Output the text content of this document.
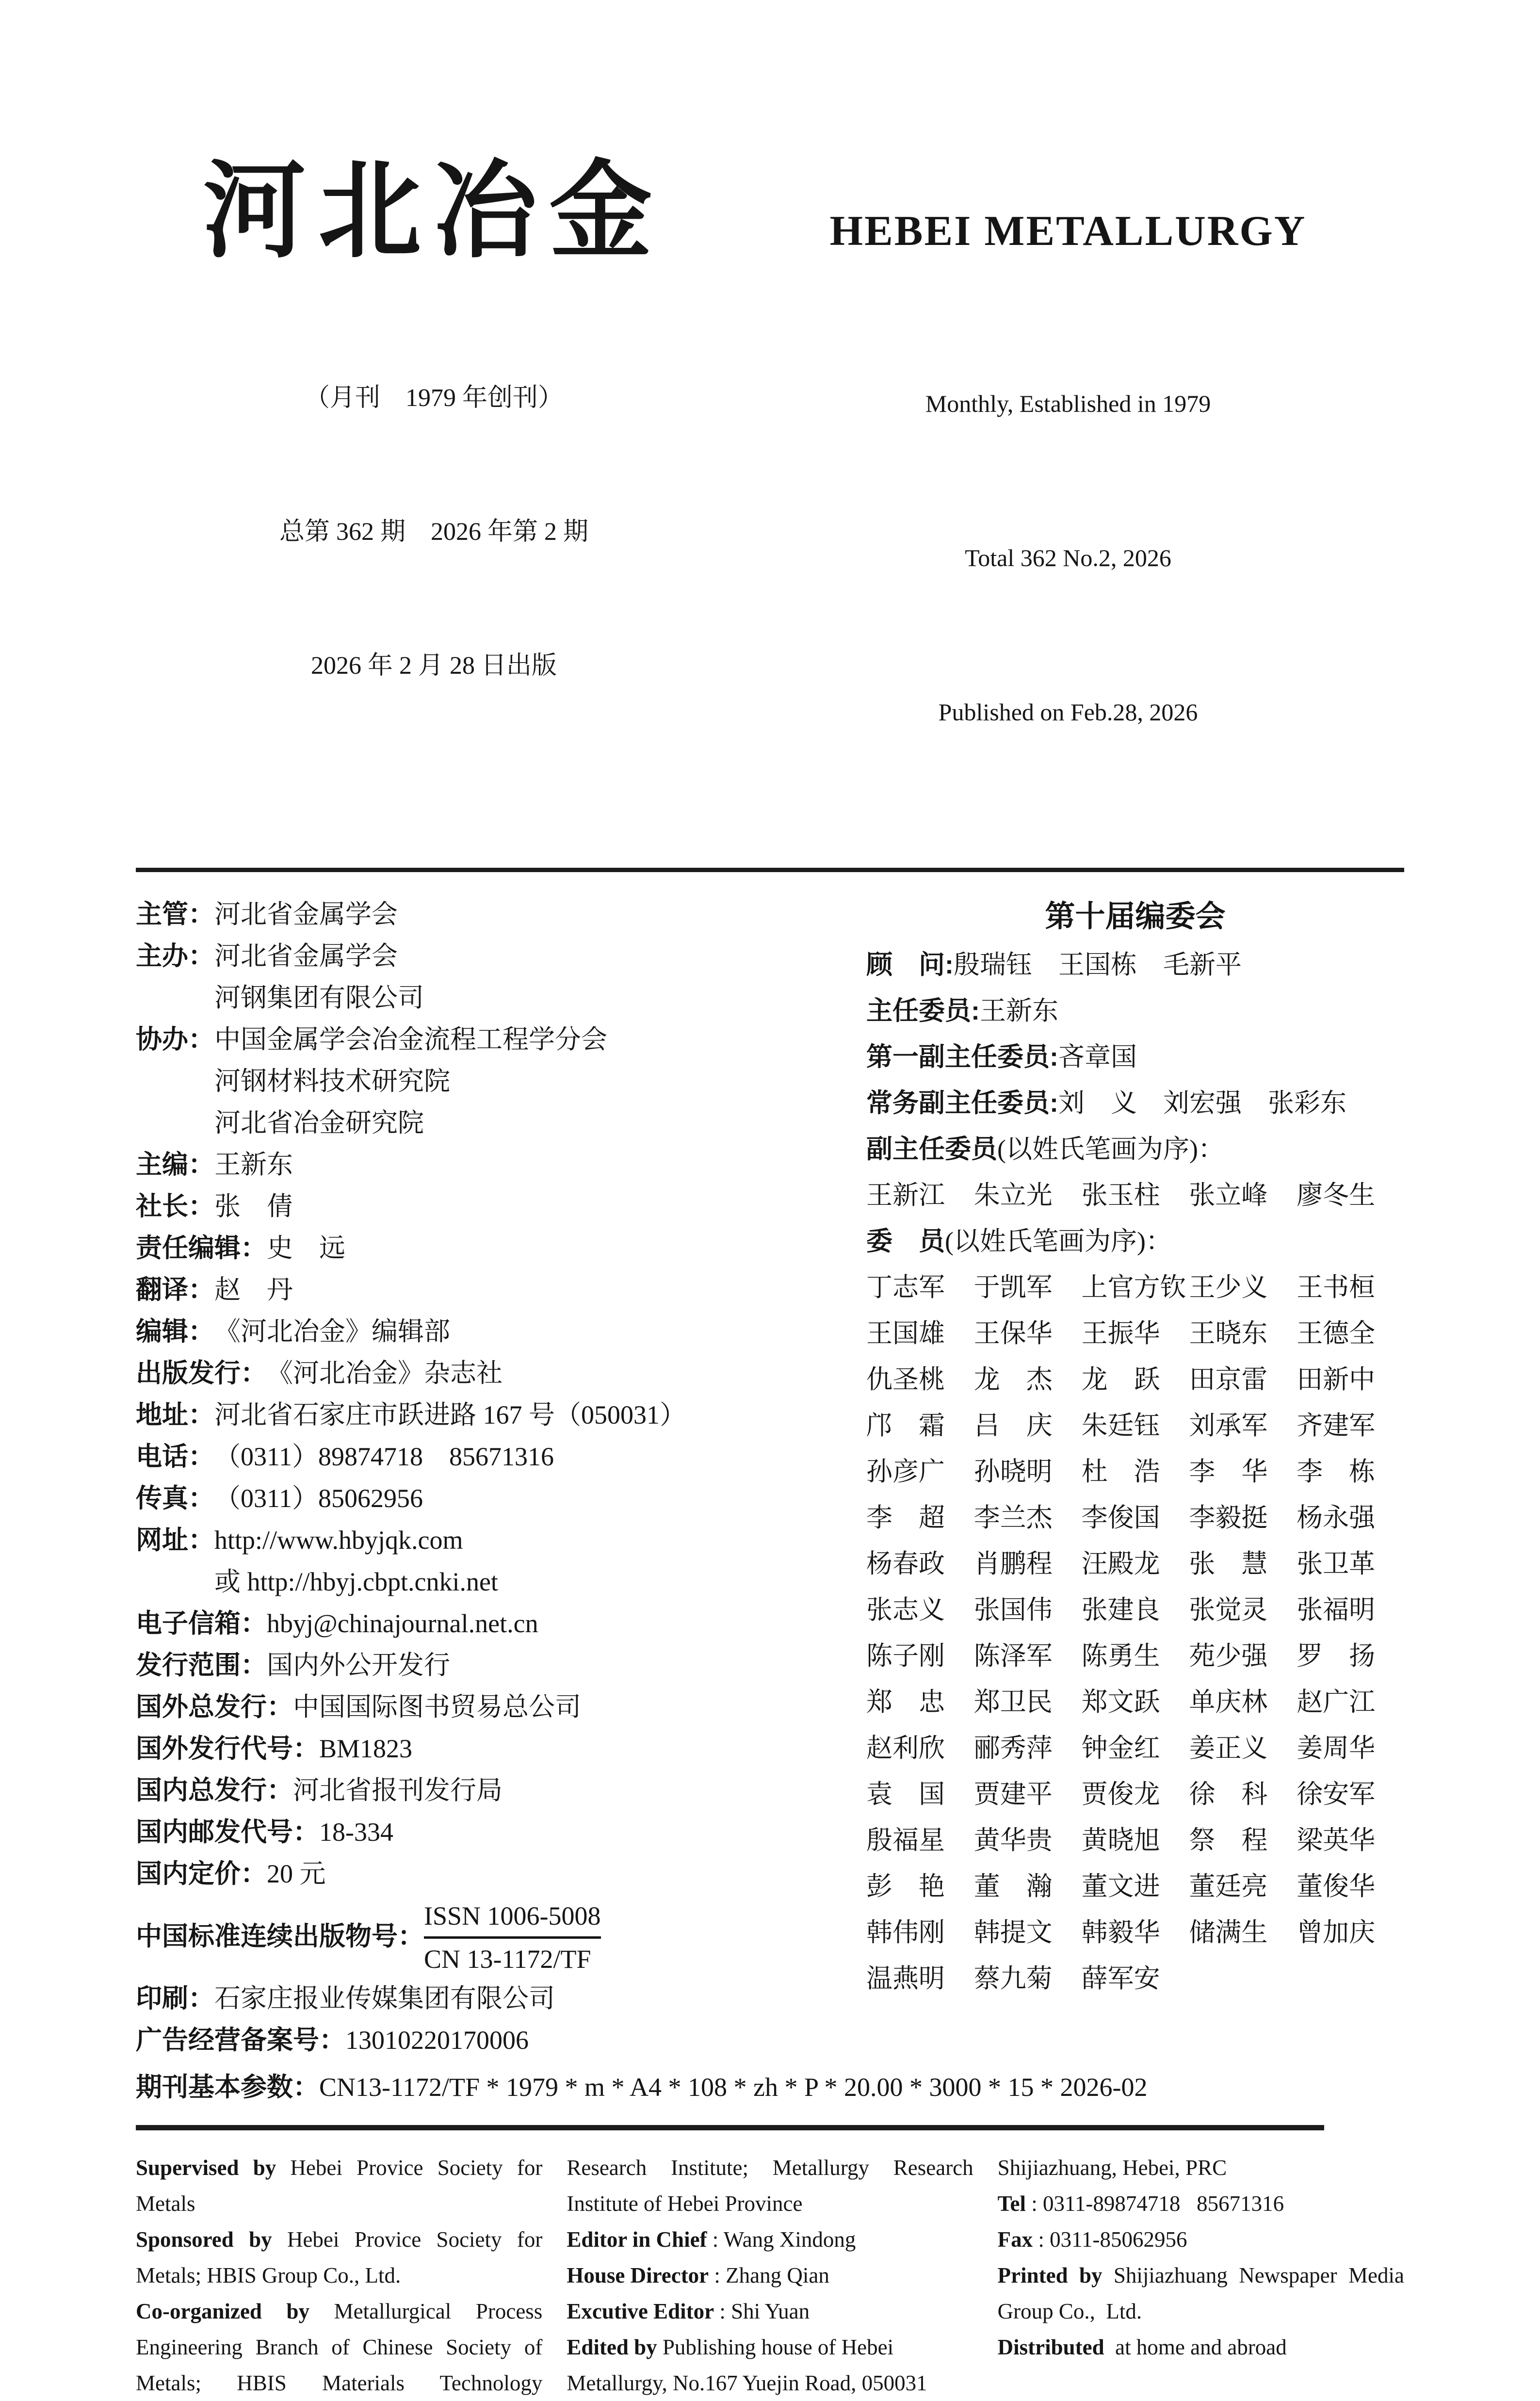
河北冶金

（月刊　1979 年创刊）

总第 362 期　2026 年第 2 期

2026 年 2 月 28 日出版

HEBEI METALLURGY

Monthly, Established in 1979

Total 362 No.2, 2026

Published on Feb.28, 2026

主管： 河北省金属学会
主办： 河北省金属学会
河钢集团有限公司
协办： 中国金属学会冶金流程工程学分会
河钢材料技术研究院
河北省冶金研究院
主编： 王新东
社长： 张　倩
责任编辑： 史　远
翻译： 赵　丹
编辑： 《河北冶金》编辑部
出版发行： 《河北冶金》杂志社
地址： 河北省石家庄市跃进路 167 号（050031）
电话： （0311）89874718　85671316
传真： （0311）85062956
网址： http://www.hbyjqk.com
或 http://hbyj.cbpt.cnki.net
电子信箱： hbyj@chinajournal.net.cn
发行范围： 国内外公开发行
国外总发行： 中国国际图书贸易总公司
国外发行代号： BM1823
国内总发行： 河北省报刊发行局
国内邮发代号： 18-334
国内定价： 20 元
中国标准连续出版物号：
ISSN 1006-5008
CN 13-1172/TF
印刷： 石家庄报业传媒集团有限公司
广告经营备案号： 13010220170006
第十届编委会
顾　问: 殷瑞钰　王国栋　毛新平
主任委员: 王新东
第一副主任委员: 吝章国
常务副主任委员: 刘　义　刘宏强　张彩东
副主任委员 (以姓氏笔画为序)：
王新江	朱立光	张玉柱	张立峰	廖冬生
委　员 (以姓氏笔画为序)：
丁志军	于凯军	上官方钦 王少义	王书桓
王国雄	王保华	王振华	王晓东	王德全
仇圣桃	龙　杰	龙　跃	田京雷	田新中
邝　霜	吕　庆	朱廷钰	刘承军	齐建军
孙彦广	孙晓明	杜　浩	李　华	李　栋
李　超	李兰杰	李俊国	李毅挺	杨永强
杨春政	肖鹏程	汪殿龙	张　慧	张卫革
张志义	张国伟	张建良	张觉灵	张福明
陈子刚	陈泽军	陈勇生	苑少强	罗　扬
郑　忠	郑卫民	郑文跃	单庆林	赵广江
赵利欣	郦秀萍	钟金红	姜正义	姜周华
袁　国	贾建平	贾俊龙	徐　科	徐安军
殷福星	黄华贵	黄晓旭	祭　程	梁英华
彭　艳	董　瀚	董文进	董廷亮	董俊华
韩伟刚	韩提文	韩毅华	储满生	曾加庆
温燕明	蔡九菊	薛军安
期刊基本参数： CN13-1172/TF * 1979 * m * A4 * 108 * zh * P * 20.00 * 3000 * 15 * 2026-02
Supervised by Hebei Provice Society for
Metals
Sponsored by Hebei Provice Society for
Metals; HBIS Group Co., Ltd.
Co-organized by Metallurgical Process
Engineering Branch of Chinese Society of
Metals; HBIS Materials Technology
Research Institute; Metallurgy Research
Institute of Hebei Province
Editor in Chief : Wang Xindong
House Director : Zhang Qian
Excutive Editor : Shi Yuan
Edited by Publishing house of Hebei
Metallurgy, No.167 Yuejin Road, 050031
Shijiazhuang, Hebei, PRC
Tel : 0311-89874718   85671316
Fax : 0311-85062956
Printed by Shijiazhuang Newspaper Media
Group Co.,  Ltd.
Distributed  at home and abroad
